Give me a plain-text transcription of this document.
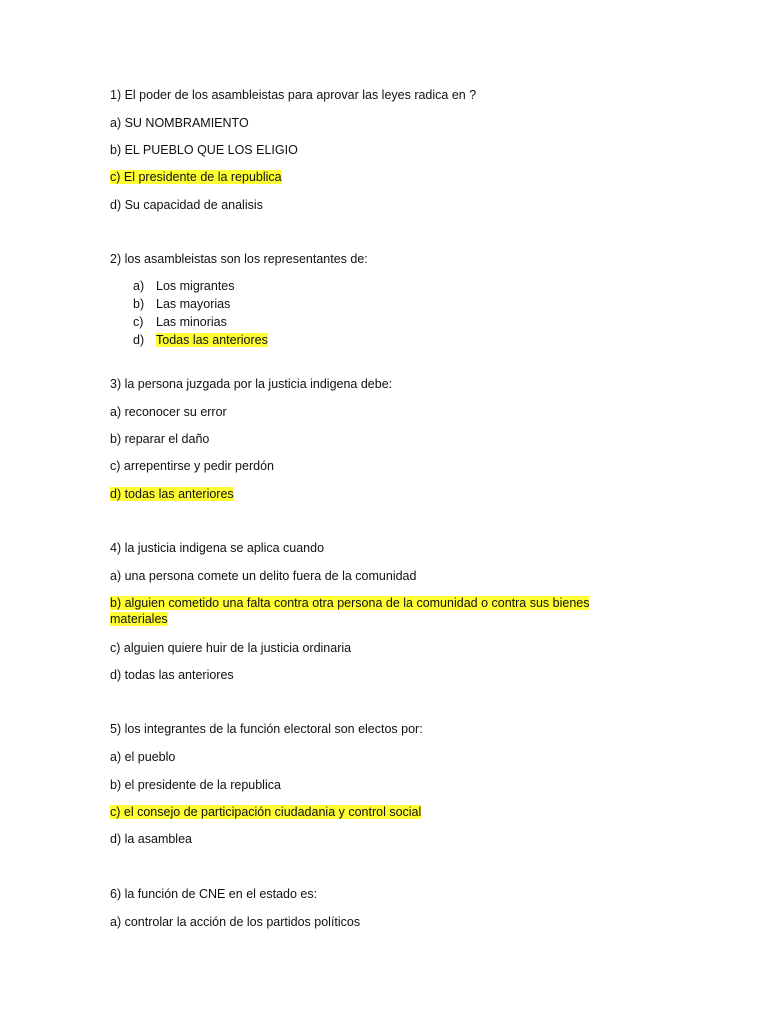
1) El poder de los asambleistas para aprovar las leyes radica en ?
a) SU NOMBRAMIENTO
b) EL PUEBLO QUE LOS ELIGIO
c) El presidente de la republica
d) Su capacidad de analisis
2) los asambleistas son los representantes de:
a) Los migrantes
b) Las mayorias
c) Las minorias
d) Todas las anteriores
3) la persona juzgada por la justicia indigena debe:
a) reconocer su error
b) reparar el daño
c) arrepentirse y pedir perdón
d) todas las anteriores
4) la justicia indigena se aplica cuando
a) una persona comete un delito fuera de la comunidad
b) alguien cometido una falta contra otra persona de la comunidad o contra sus bienes materiales
c) alguien quiere huir de la justicia ordinaria
d) todas las anteriores
5) los integrantes de la función electoral son electos por:
a) el pueblo
b) el presidente de la republica
c) el consejo de participación ciudadania y control social
d) la asamblea
6) la función de CNE en el estado es:
a) controlar la acción de los partidos políticos
